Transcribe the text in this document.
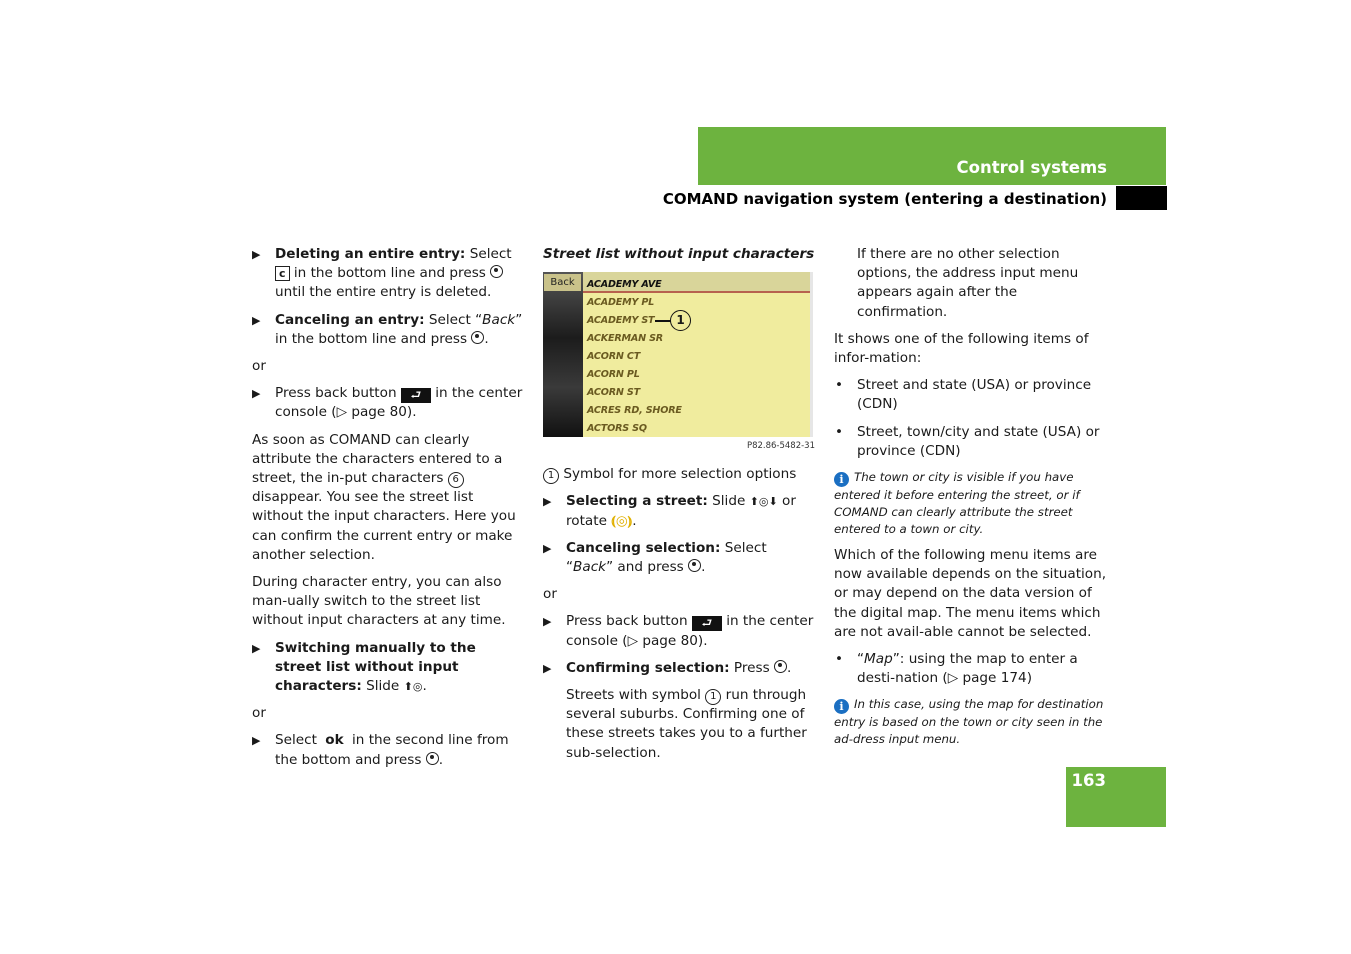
Control systems
COMAND navigation system (entering a destination)
163
▶ Deleting an entire entry: Select c in the bottom line and press  until the entire entry is deleted.
▶ Canceling an entry: Select “Back” in the bottom line and press .
or
▶ Press back button ⮐ in the center console (▷ page 80).
As soon as COMAND can clearly attribute the characters entered to a street, the in-put characters 6 disappear. You see the street list without the input characters. Here you can confirm the current entry or make another selection.
During character entry, you can also man-ually switch to the street list without input characters at any time.
▶ Switching manually to the street list without input characters: Slide ⬆◎.
or
▶ Select ok in the second line from the bottom and press .
Street list without input characters
Back	ACADEMY AVE
ACADEMY PL
ACADEMY ST
ACKERMAN SR
ACORN CT
ACORN PL
ACORN ST
ACRES RD, SHORE
ACTORS SQ
1
P82.86-5482-31
1 Symbol for more selection options
▶ Selecting a street: Slide ⬆◎⬇ or rotate ⦅◎⦆.
▶ Canceling selection: Select “Back” and press .
or
▶ Press back button ⮐ in the center console (▷ page 80).
▶ Confirming selection: Press .
Streets with symbol 1 run through several suburbs. Confirming one of these streets takes you to a further sub-selection.
If there are no other selection options, the address input menu appears again after the confirmation.
It shows one of the following items of infor-mation:
• Street and state (USA) or province (CDN)
• Street, town/city and state (USA) or province (CDN)
i The town or city is visible if you have entered it before entering the street, or if COMAND can clearly attribute the street entered to a town or city.
Which of the following menu items are now available depends on the situation, or may depend on the data version of the digital map. The menu items which are not avail-able cannot be selected.
• “Map”: using the map to enter a desti-nation (▷ page 174)
i In this case, using the map for destination entry is based on the town or city seen in the ad-dress input menu.
